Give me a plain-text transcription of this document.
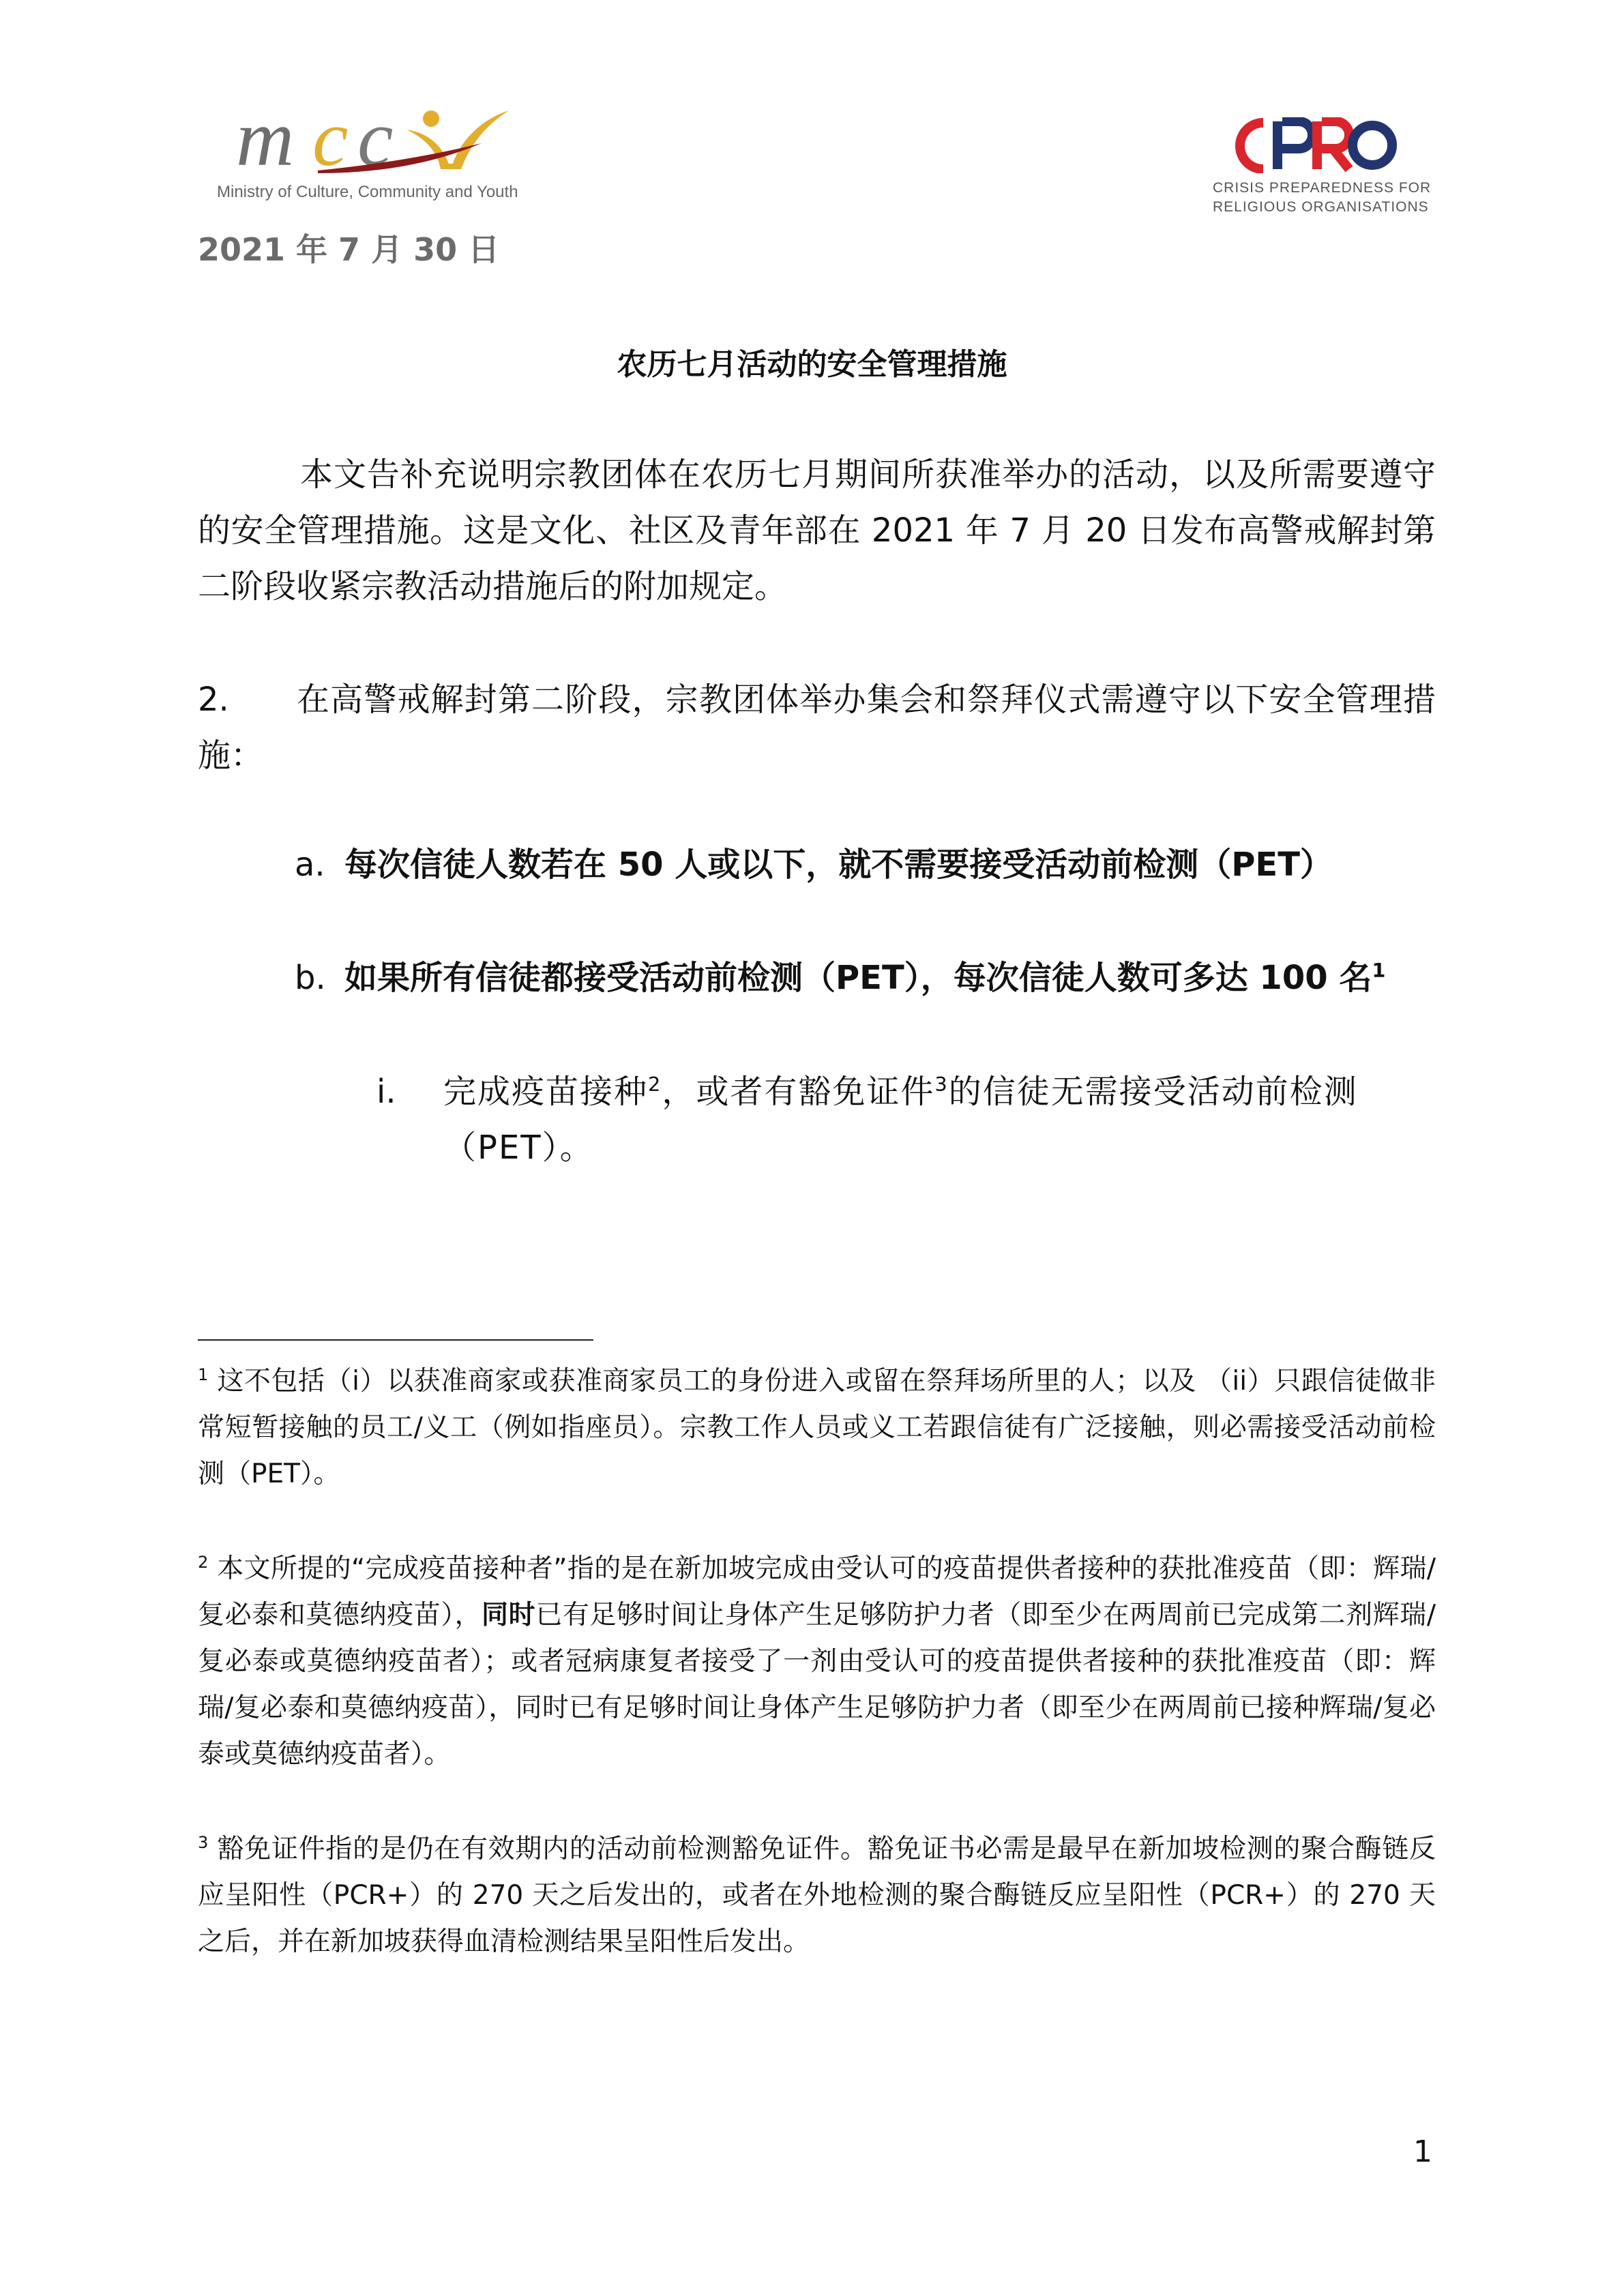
m c c
Ministry of Culture, Community and Youth	CRISIS PREPAREDNESS FOR
RELIGIOUS ORGANISATIONS
2021 年 7 月 30 日
农历七月活动的安全管理措施
本文告补充说明宗教团体在农历七月期间所获准举办的活动，以及所需要遵守的安全管理措施。这是文化、社区及青年部在 2021 年 7 月 20 日发布高警戒解封第二阶段收紧宗教活动措施后的附加规定。
2.	在高警戒解封第二阶段，宗教团体举办集会和祭拜仪式需遵守以下安全管理措施：
a. 每次信徒人数若在 50 人或以下，就不需要接受活动前检测（PET）
b. 如果所有信徒都接受活动前检测（PET），每次信徒人数可多达 100 名$^1$
i. 完成疫苗接种$^2$，或者有豁免证件$^3$的信徒无需接受活动前检测（PET）。
$^1$ 这不包括（i）以获准商家或获准商家员工的身份进入或留在祭拜场所里的人；以及 （ii）只跟信徒做非常短暂接触的员工/义工（例如指座员）。宗教工作人员或义工若跟信徒有广泛接触，则必需接受活动前检测（PET）。
$^2$ 本文所提的“完成疫苗接种者”指的是在新加坡完成由受认可的疫苗提供者接种的获批准疫苗（即：辉瑞/复必泰和莫德纳疫苗），同时已有足够时间让身体产生足够防护力者（即至少在两周前已完成第二剂辉瑞/复必泰或莫德纳疫苗者）；或者冠病康复者接受了一剂由受认可的疫苗提供者接种的获批准疫苗（即：辉瑞/复必泰和莫德纳疫苗），同时已有足够时间让身体产生足够防护力者（即至少在两周前已接种辉瑞/复必泰或莫德纳疫苗者）。
$^3$ 豁免证件指的是仍在有效期内的活动前检测豁免证件。豁免证书必需是最早在新加坡检测的聚合酶链反应呈阳性（PCR+）的 270 天之后发出的，或者在外地检测的聚合酶链反应呈阳性（PCR+）的 270 天之后，并在新加坡获得血清检测结果呈阳性后发出。
1
